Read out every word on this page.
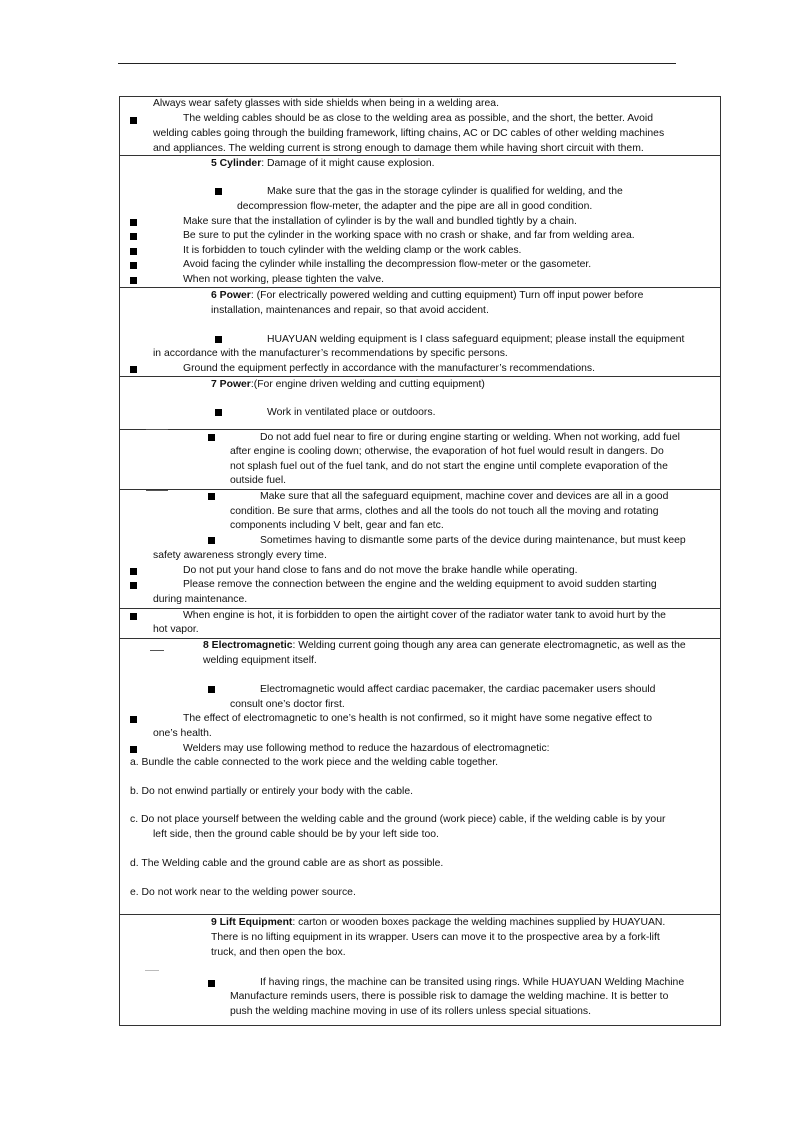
Always wear safety glasses with side shields when being in a welding area.
The welding cables should be as close to the welding area as possible, and the short, the better. Avoid
welding cables going through the building framework, lifting chains, AC or DC cables of other welding machines
and appliances. The welding current is strong enough to damage them while having short circuit with them.
5 Cylinder: Damage of it might cause explosion.
Make sure that the gas in the storage cylinder is qualified for welding, and the
decompression flow-meter, the adapter and the pipe are all in good condition.
Make sure that the installation of cylinder is by the wall and bundled tightly by a chain.
Be sure to put the cylinder in the working space with no crash or shake, and far from welding area.
It is forbidden to touch cylinder with the welding clamp or the work cables.
Avoid facing the cylinder while installing the decompression flow-meter or the gasometer.
When not working, please tighten the valve.
6 Power: (For electrically powered welding and cutting equipment) Turn off input power before
installation, maintenances and repair, so that avoid accident.
HUAYUAN welding equipment is I class safeguard equipment; please install the equipment
in accordance with the manufacturer’s recommendations by specific persons.
Ground the equipment perfectly in accordance with the manufacturer’s recommendations.
7 Power:(For engine driven welding and cutting equipment)
Work in ventilated place or outdoors.
Do not add fuel near to fire or during engine starting or welding. When not working, add fuel
after engine is cooling down; otherwise, the evaporation of hot fuel would result in dangers. Do
not splash fuel out of the fuel tank, and do not start the engine until complete evaporation of the
outside fuel.
Make sure that all the safeguard equipment, machine cover and devices are all in a good
condition. Be sure that arms, clothes and all the tools do not touch all the moving and rotating
components including V belt, gear and fan etc.
Sometimes having to dismantle some parts of the device during maintenance, but must keep
safety awareness strongly every time.
Do not put your hand close to fans and do not move the brake handle while operating.
Please remove the connection between the engine and the welding equipment to avoid sudden starting
during maintenance.
When engine is hot, it is forbidden to open the airtight cover of the radiator water tank to avoid hurt by the
hot vapor.
8 Electromagnetic: Welding current going though any area can generate electromagnetic, as well as the
welding equipment itself.
Electromagnetic would affect cardiac pacemaker, the cardiac pacemaker users should
consult one’s doctor first.
The effect of electromagnetic to one’s health is not confirmed, so it might have some negative effect to
one’s health.
Welders may use following method to reduce the hazardous of electromagnetic:
a. Bundle the cable connected to the work piece and the welding cable together.
b. Do not enwind partially or entirely your body with the cable.
c. Do not place yourself between the welding cable and the ground (work piece) cable, if the welding cable is by your
left side, then the ground cable should be by your left side too.
d. The Welding cable and the ground cable are as short as possible.
e. Do not work near to the welding power source.
9 Lift Equipment: carton or wooden boxes package the welding machines supplied by HUAYUAN.
There is no lifting equipment in its wrapper. Users can move it to the prospective area by a fork-lift
truck, and then open the box.
If having rings, the machine can be transited using rings. While HUAYUAN Welding Machine
Manufacture reminds users, there is possible risk to damage the welding machine. It is better to
push the welding machine moving in use of its rollers unless special situations.
